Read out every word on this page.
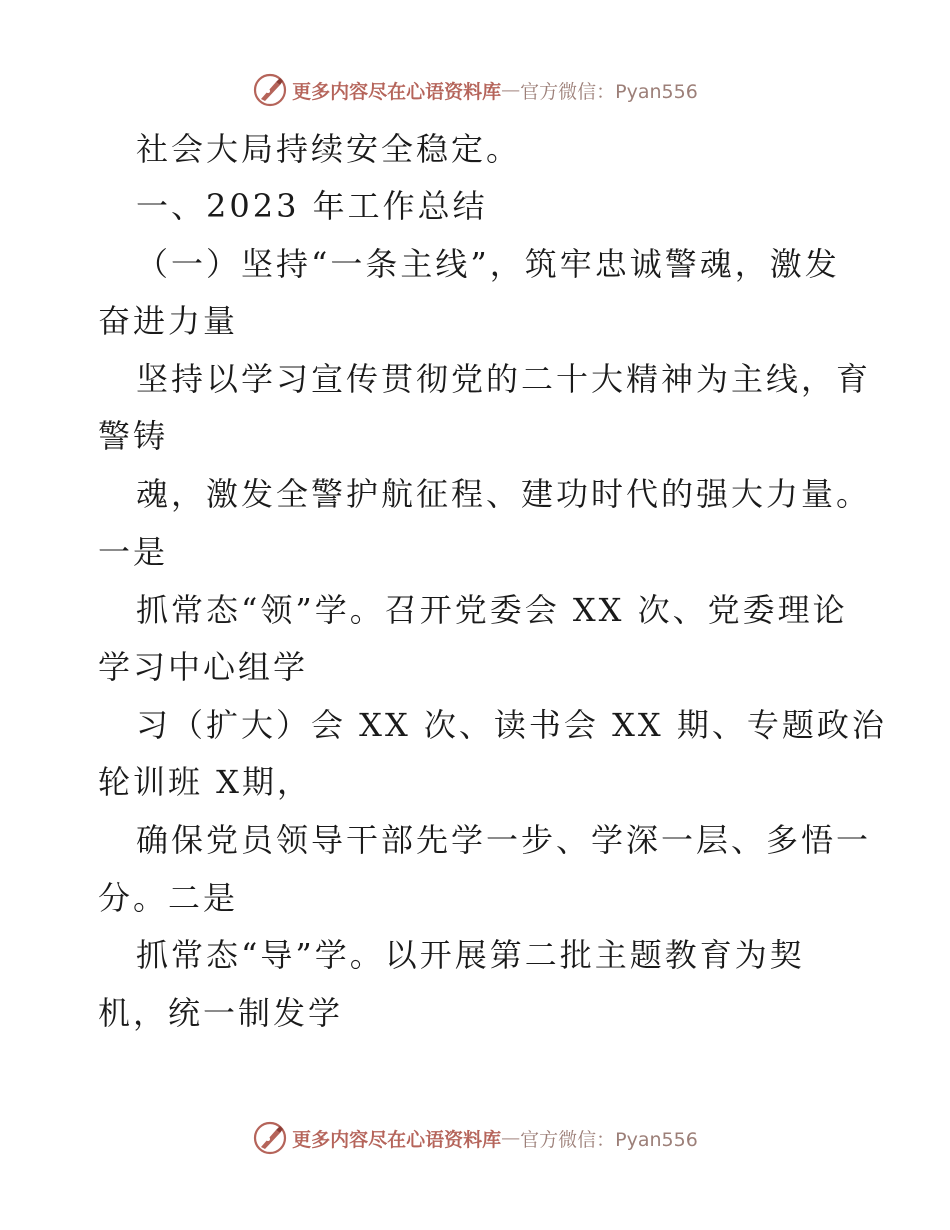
更多内容尽在心语资料库 — 官方微信：Pyan556
社会大局持续安全稳定。
一、2023 年工作总结
（一）坚持“一条主线”，筑牢忠诚警魂，激发
奋进力量
坚持以学习宣传贯彻党的二十大精神为主线，育
警铸
魂，激发全警护航征程、建功时代的强大力量。
一是
抓常态“领”学。召开党委会 XX 次、党委理论
学习中心组学
习（扩大）会 XX 次、读书会 XX 期、专题政治
轮训班 X期，
确保党员领导干部先学一步、学深一层、多悟一
分。二是
抓常态“导”学。以开展第二批主题教育为契
机，统一制发学
更多内容尽在心语资料库 — 官方微信：Pyan556
